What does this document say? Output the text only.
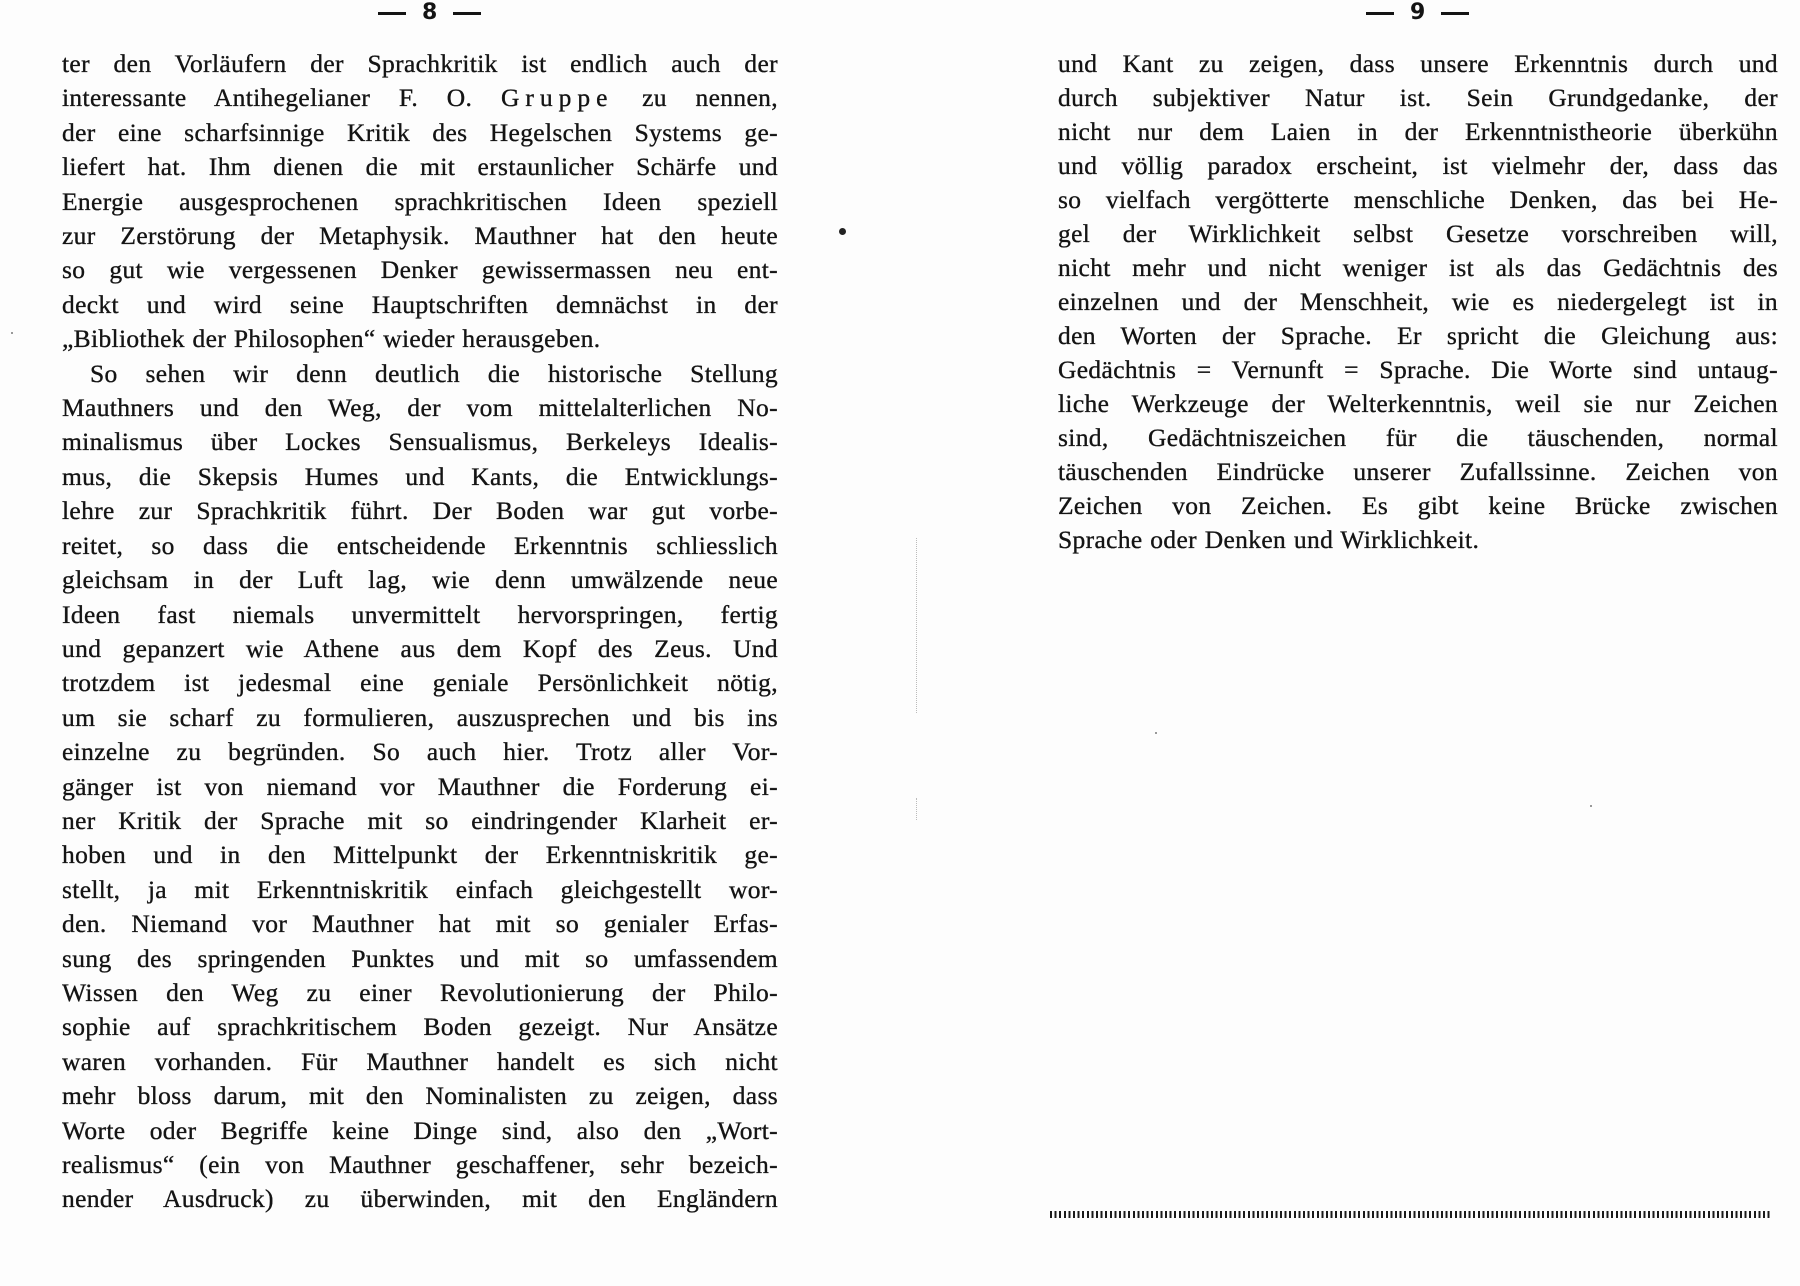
8	9
ter den Vorläufern der Sprachkritik ist endlich auch der
interessante Antihegelianer F. O. Gruppe zu nennen,
der eine scharfsinnige Kritik des Hegelschen Systems ge-
liefert hat. Ihm dienen die mit erstaunlicher Schärfe und
Energie ausgesprochenen sprachkritischen Ideen speziell
zur Zerstörung der Metaphysik. Mauthner hat den heute
so gut wie vergessenen Denker gewissermassen neu ent-
deckt und wird seine Hauptschriften demnächst in der
„Bibliothek der Philosophen“ wieder herausgeben.
So sehen wir denn deutlich die historische Stellung
Mauthners und den Weg, der vom mittelalterlichen No-
minalismus über Lockes Sensualismus, Berkeleys Idealis-
mus, die Skepsis Humes und Kants, die Entwicklungs-
lehre zur Sprachkritik führt. Der Boden war gut vorbe-
reitet, so dass die entscheidende Erkenntnis schliesslich
gleichsam in der Luft lag, wie denn umwälzende neue
Ideen fast niemals unvermittelt hervorspringen, fertig
und gepanzert wie Athene aus dem Kopf des Zeus. Und
trotzdem ist jedesmal eine geniale Persönlichkeit nötig,
um sie scharf zu formulieren, auszusprechen und bis ins
einzelne zu begründen. So auch hier. Trotz aller Vor-
gänger ist von niemand vor Mauthner die Forderung ei-
ner Kritik der Sprache mit so eindringender Klarheit er-
hoben und in den Mittelpunkt der Erkenntniskritik ge-
stellt, ja mit Erkenntniskritik einfach gleichgestellt wor-
den. Niemand vor Mauthner hat mit so genialer Erfas-
sung des springenden Punktes und mit so umfassendem
Wissen den Weg zu einer Revolutionierung der Philo-
sophie auf sprachkritischem Boden gezeigt. Nur Ansätze
waren vorhanden. Für Mauthner handelt es sich nicht
mehr bloss darum, mit den Nominalisten zu zeigen, dass
Worte oder Begriffe keine Dinge sind, also den „Wort-
realismus“ (ein von Mauthner geschaffener, sehr bezeich-
nender Ausdruck) zu überwinden, mit den Engländern
und Kant zu zeigen, dass unsere Erkenntnis durch und
durch subjektiver Natur ist. Sein Grundgedanke, der
nicht nur dem Laien in der Erkenntnistheorie überkühn
und völlig paradox erscheint, ist vielmehr der, dass das
so vielfach vergötterte menschliche Denken, das bei He-
gel der Wirklichkeit selbst Gesetze vorschreiben will,
nicht mehr und nicht weniger ist als das Gedächtnis des
einzelnen und der Menschheit, wie es niedergelegt ist in
den Worten der Sprache. Er spricht die Gleichung aus:
Gedächtnis = Vernunft = Sprache. Die Worte sind untaug-
liche Werkzeuge der Welterkenntnis, weil sie nur Zeichen
sind, Gedächtniszeichen für die täuschenden, normal
täuschenden Eindrücke unserer Zufallssinne. Zeichen von
Zeichen von Zeichen. Es gibt keine Brücke zwischen
Sprache oder Denken und Wirklichkeit.
